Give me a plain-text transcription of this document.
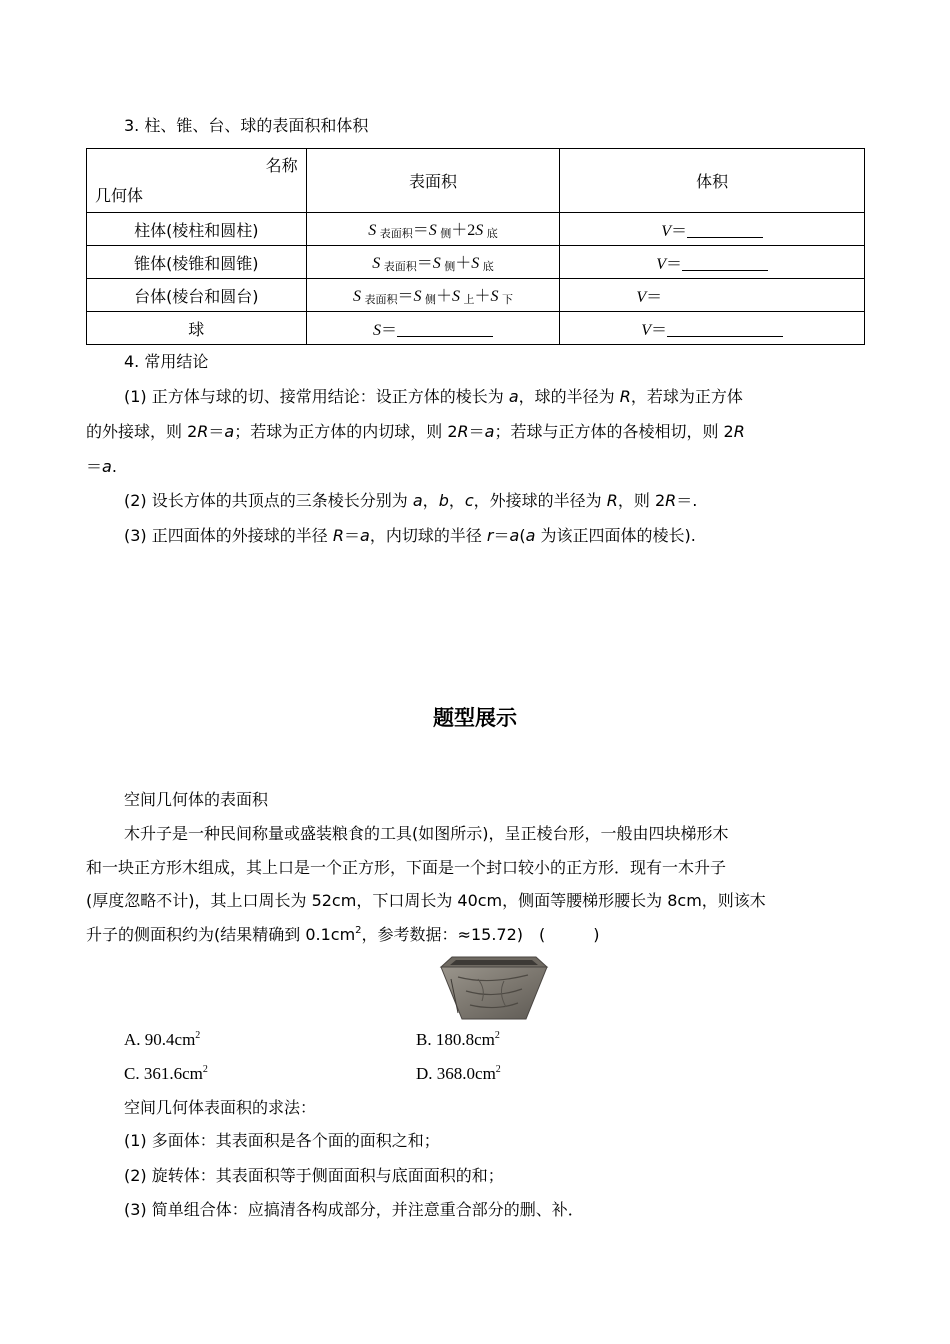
3. 柱、锥、台、球的表面积和体积
名称
几何体	表面积	体积
柱体(棱柱和圆柱)	S $_{表面积}$＝S $_侧$＋2S $_底$	V＝
锥体(棱锥和圆锥)	S $_{表面积}$＝S $_侧$＋S $_底$	V＝
台体(棱台和圆台)	S $_{表面积}$＝S $_侧$＋S $_上$＋S $_下$	V＝
球	S＝	V＝
4. 常用结论
(1) 正方体与球的切、接常用结论：设正方体的棱长为 a，球的半径为 R，若球为正方体
的外接球，则 2R＝a；若球为正方体的内切球，则 2R＝a；若球与正方体的各棱相切，则 2R
＝a.
(2) 设长方体的共顶点的三条棱长分别为 a，b，c，外接球的半径为 R，则 2R＝.
(3) 正四面体的外接球的半径 R＝a，内切球的半径 r＝a(a 为该正四面体的棱长).
题型展示
空间几何体的表面积
木升子是一种民间称量或盛装粮食的工具(如图所示)，呈正棱台形，一般由四块梯形木
和一块正方形木组成，其上口是一个正方形，下面是一个封口较小的正方形．现有一木升子
(厚度忽略不计)，其上口周长为 52cm，下口周长为 40cm，侧面等腰梯形腰长为 8cm，则该木
升子的侧面积约为(结果精确到 $0.1cm^2$，参考数据：≈15.72)　(　　　)
A. $90.4cm^2$	B. $180.8cm^2$
C. $361.6cm^2$	D. $368.0cm^2$
空间几何体表面积的求法：
(1) 多面体：其表面积是各个面的面积之和；
(2) 旋转体：其表面积等于侧面面积与底面面积的和；
(3) 简单组合体：应搞清各构成部分，并注意重合部分的删、补．
